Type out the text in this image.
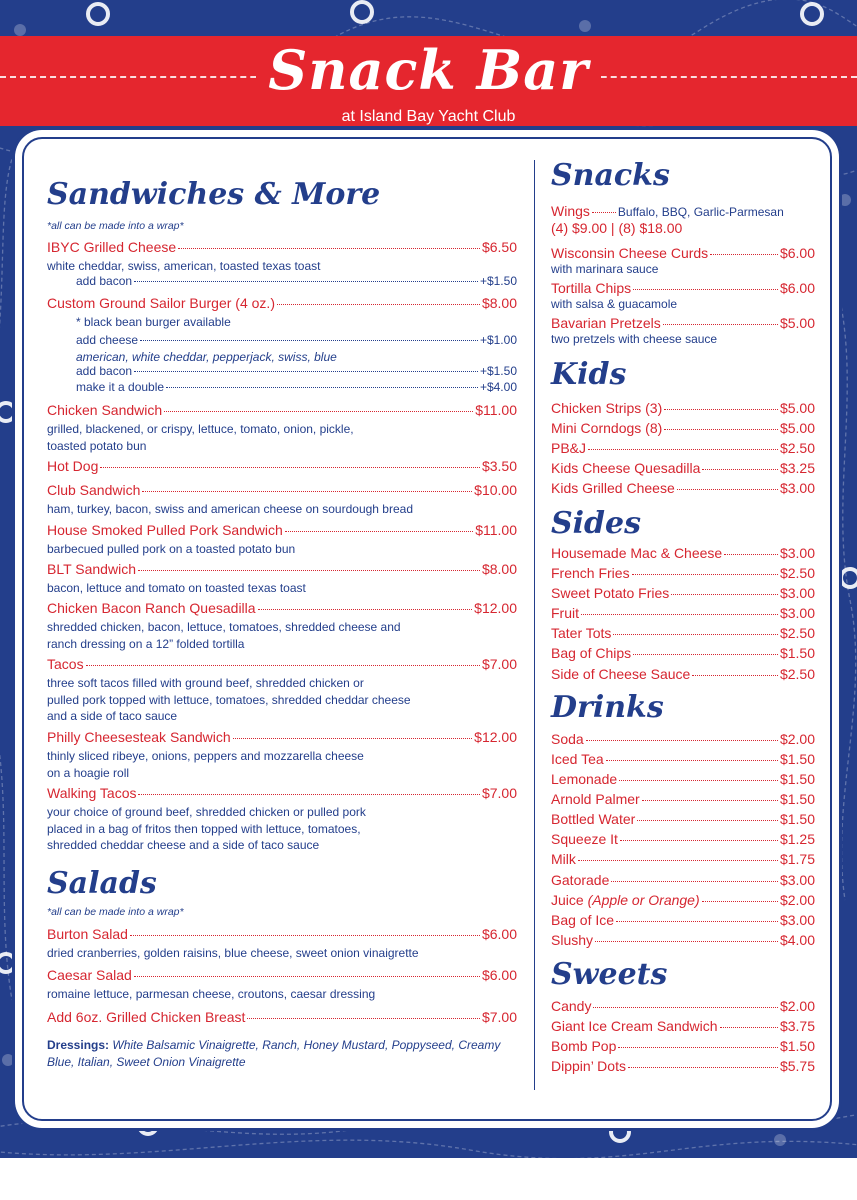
Snack Bar
at Island Bay Yacht Club
Sandwiches & More
*all can be made into a wrap*
IBYC Grilled Cheese	$6.50
white cheddar, swiss, american, toasted texas toast
add bacon	+$1.50
Custom Ground Sailor Burger (4 oz.)	$8.00
* black bean burger available
add cheese	+$1.00
american, white cheddar, pepperjack, swiss, blue
add bacon	+$1.50
make it a double	+$4.00
Chicken Sandwich	$11.00
grilled, blackened, or crispy, lettuce, tomato, onion, pickle,
toasted potato bun
Hot Dog	$3.50
Club Sandwich	$10.00
ham, turkey, bacon, swiss and american cheese on sourdough bread
House Smoked Pulled Pork Sandwich	$11.00
barbecued pulled pork on a toasted potato bun
BLT Sandwich	$8.00
bacon, lettuce and tomato on toasted texas toast
Chicken Bacon Ranch Quesadilla	$12.00
shredded chicken, bacon, lettuce, tomatoes, shredded cheese and
ranch dressing on a 12” folded tortilla
Tacos	$7.00
three soft tacos filled with ground beef, shredded chicken or
pulled pork topped with lettuce, tomatoes, shredded cheddar cheese
and a side of taco sauce
Philly Cheesesteak Sandwich	$12.00
thinly sliced ribeye, onions, peppers and mozzarella cheese
on a hoagie roll
Walking Tacos	$7.00
your choice of ground beef, shredded chicken or pulled pork
placed in a bag of fritos then topped with lettuce, tomatoes,
shredded cheddar cheese and a side of taco sauce
Salads
*all can be made into a wrap*
Burton Salad	$6.00
dried cranberries, golden raisins, blue cheese, sweet onion vinaigrette
Caesar Salad	$6.00
romaine lettuce, parmesan cheese, croutons, caesar dressing
Add 6oz. Grilled Chicken Breast	$7.00
Dressings: White Balsamic Vinaigrette, Ranch, Honey Mustard, Poppyseed, Creamy Blue, Italian, Sweet Onion Vinaigrette
Snacks
Wings Buffalo, BBQ, Garlic-Parmesan
(4) $9.00 | (8) $18.00
Wisconsin Cheese Curds	$6.00
with marinara sauce
Tortilla Chips	$6.00
with salsa & guacamole
Bavarian Pretzels	$5.00
two pretzels with cheese sauce
Kids
Chicken Strips (3)	$5.00
Mini Corndogs (8)	$5.00
PB&J	$2.50
Kids Cheese Quesadilla	$3.25
Kids Grilled Cheese	$3.00
Sides
Housemade Mac & Cheese	$3.00
French Fries	$2.50
Sweet Potato Fries	$3.00
Fruit	$3.00
Tater Tots	$2.50
Bag of Chips	$1.50
Side of Cheese Sauce	$2.50
Drinks
Soda	$2.00
Iced Tea	$1.50
Lemonade	$1.50
Arnold Palmer	$1.50
Bottled Water	$1.50
Squeeze It	$1.25
Milk	$1.75
Gatorade	$3.00
Juice (Apple or Orange)	$2.00
Bag of Ice	$3.00
Slushy	$4.00
Sweets
Candy	$2.00
Giant Ice Cream Sandwich	$3.75
Bomb Pop	$1.50
Dippin’ Dots	$5.75
